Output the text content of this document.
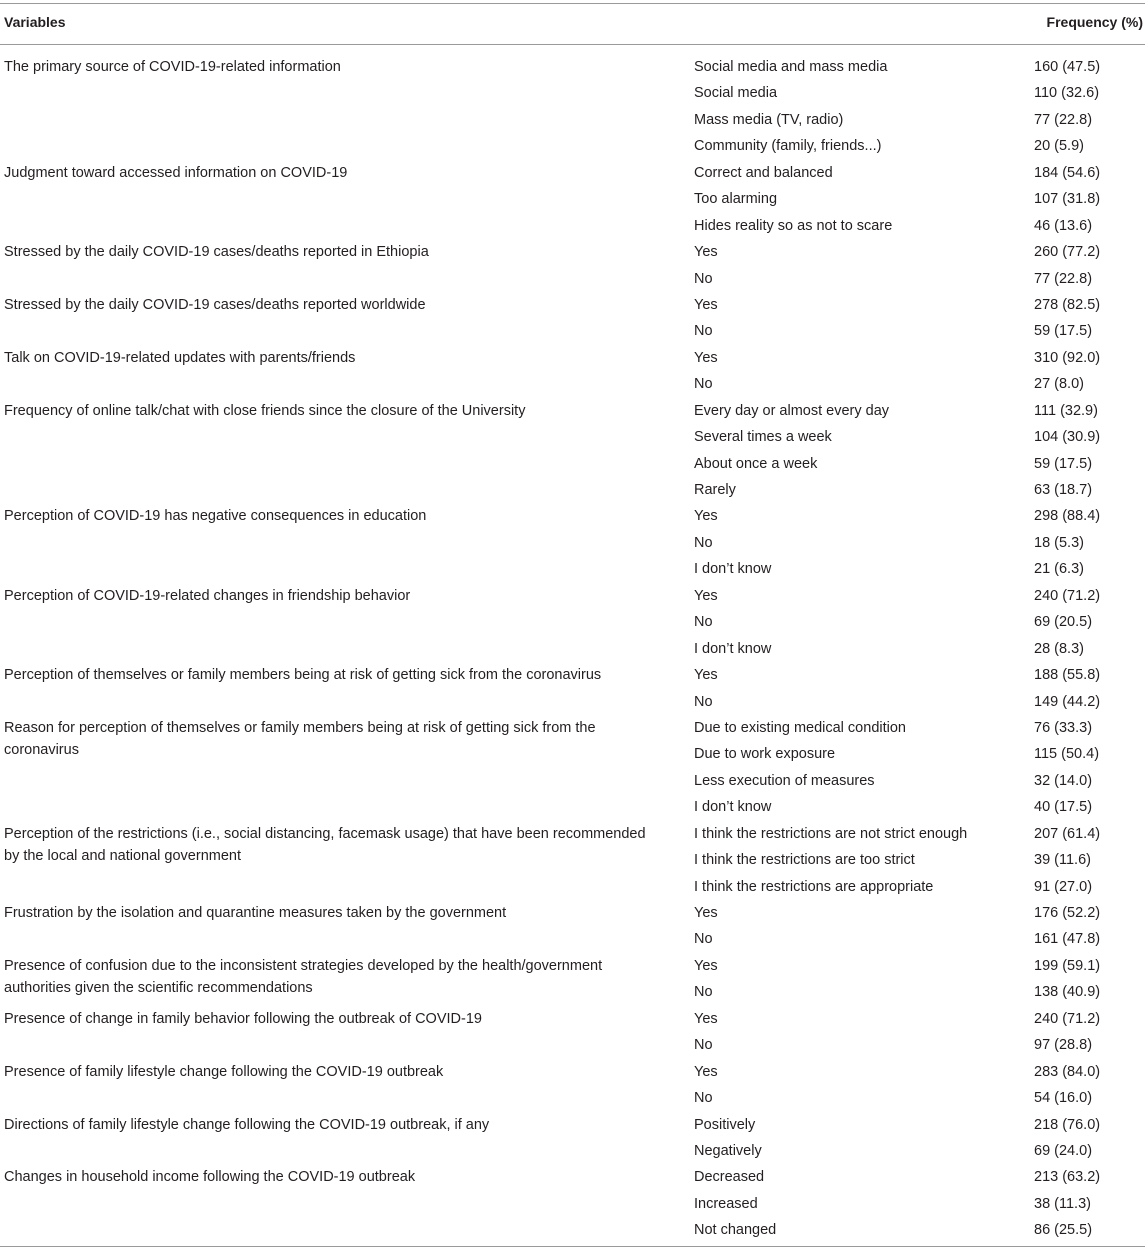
Variables	Frequency (%)
The primary source of COVID-19-related information	Social media and mass media	160 (47.5)
Social media	110 (32.6)
Mass media (TV, radio)	77 (22.8)
Community (family, friends...)	20 (5.9)
Judgment toward accessed information on COVID-19	Correct and balanced	184 (54.6)
Too alarming	107 (31.8)
Hides reality so as not to scare	46 (13.6)
Stressed by the daily COVID-19 cases/deaths reported in Ethiopia	Yes	260 (77.2)
No	77 (22.8)
Stressed by the daily COVID-19 cases/deaths reported worldwide	Yes	278 (82.5)
No	59 (17.5)
Talk on COVID-19-related updates with parents/friends	Yes	310 (92.0)
No	27 (8.0)
Frequency of online talk/chat with close friends since the closure of the University	Every day or almost every day	111 (32.9)
Several times a week	104 (30.9)
About once a week	59 (17.5)
Rarely	63 (18.7)
Perception of COVID-19 has negative consequences in education	Yes	298 (88.4)
No	18 (5.3)
I don’t know	21 (6.3)
Perception of COVID-19-related changes in friendship behavior	Yes	240 (71.2)
No	69 (20.5)
I don’t know	28 (8.3)
Perception of themselves or family members being at risk of getting sick from the coronavirus	Yes	188 (55.8)
No	149 (44.2)
Reason for perception of themselves or family members being at risk of getting sick from the coronavirus
Due to existing medical condition	76 (33.3)
Due to work exposure	115 (50.4)
Less execution of measures	32 (14.0)
I don’t know	40 (17.5)
Perception of the restrictions (i.e., social distancing, facemask usage) that have been recommended by the local and national government
I think the restrictions are not strict enough	207 (61.4)
I think the restrictions are too strict	39 (11.6)
I think the restrictions are appropriate	91 (27.0)
Frustration by the isolation and quarantine measures taken by the government	Yes	176 (52.2)
No	161 (47.8)
Presence of confusion due to the inconsistent strategies developed by the health/government authorities given the scientific recommendations
Yes	199 (59.1)
No	138 (40.9)
Presence of change in family behavior following the outbreak of COVID-19	Yes	240 (71.2)
No	97 (28.8)
Presence of family lifestyle change following the COVID-19 outbreak	Yes	283 (84.0)
No	54 (16.0)
Directions of family lifestyle change following the COVID-19 outbreak, if any	Positively	218 (76.0)
Negatively	69 (24.0)
Changes in household income following the COVID-19 outbreak	Decreased	213 (63.2)
Increased	38 (11.3)
Not changed	86 (25.5)
